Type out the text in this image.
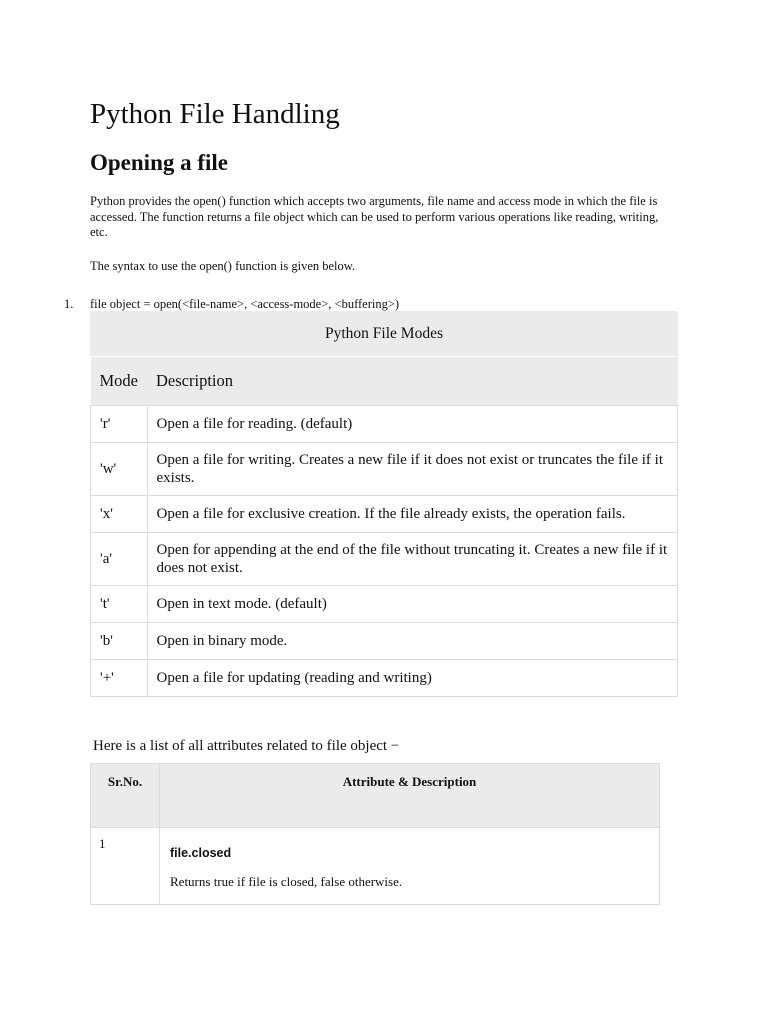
Python File Handling
Opening a file

Python provides the open() function which accepts two arguments, file name and access mode in which the file is accessed. The function returns a file object which can be used to perform various operations like reading, writing, etc.

The syntax to use the open() function is given below.

1. file object = open(<file-name>, <access-mode>, <buffering>)
Python File Modes
Mode	Description
'r'	Open a file for reading. (default)
'w'	Open a file for writing. Creates a new file if it does not exist or truncates the file if it exists.
'x'	Open a file for exclusive creation. If the file already exists, the operation fails.
'a'	Open for appending at the end of the file without truncating it. Creates a new file if it does not exist.
't'	Open in text mode. (default)
'b'	Open in binary mode.
'+'	Open a file for updating (reading and writing)

Here is a list of all attributes related to file object −

Sr.No.	Attribute & Description
1	file.closed

Returns true if file is closed, false otherwise.
